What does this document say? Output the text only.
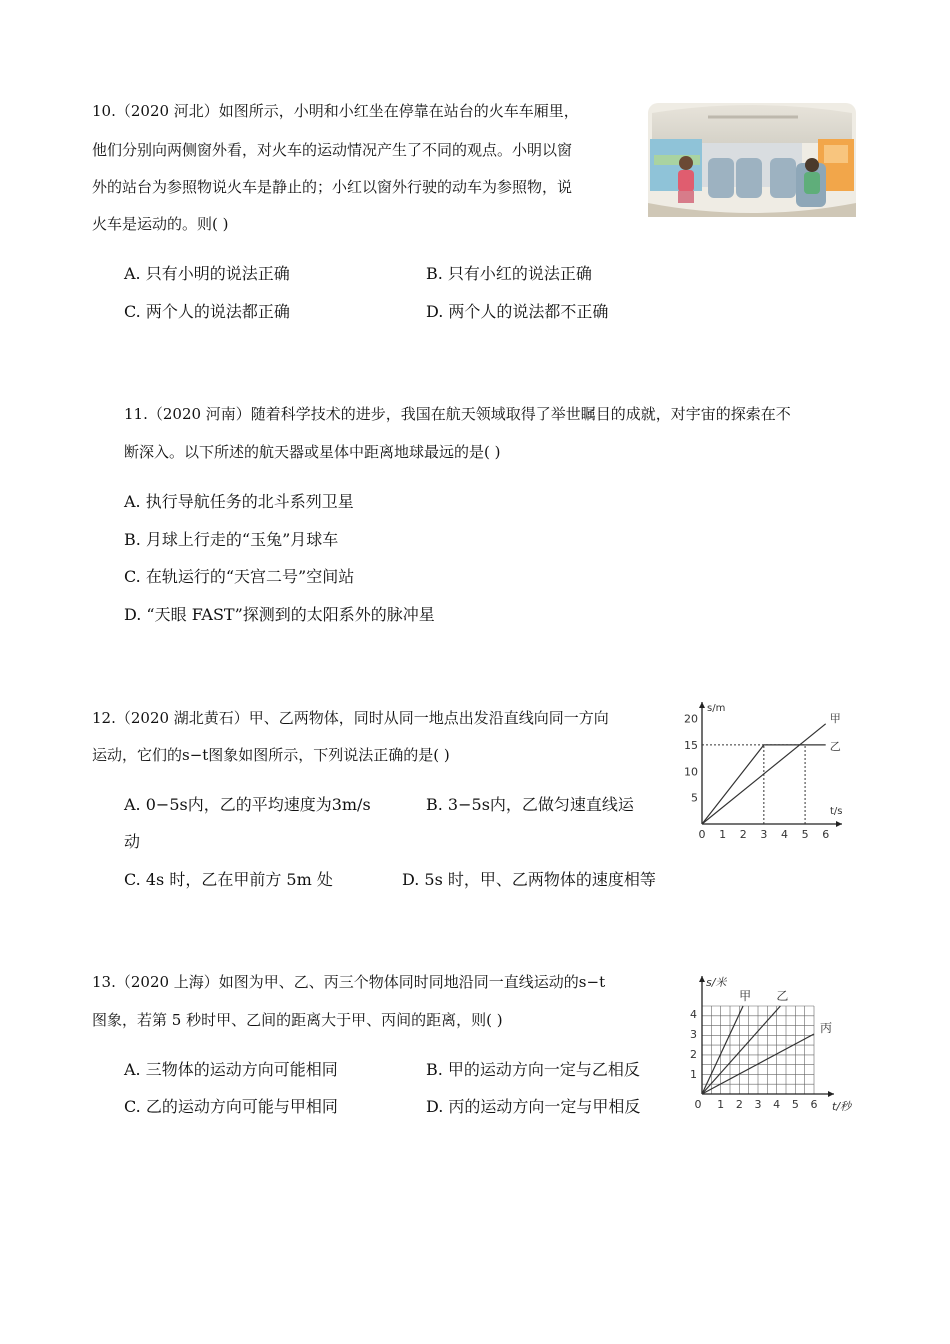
10.（2020 河北）如图所示，小明和小红坐在停靠在站台的火车车厢里，
他们分别向两侧窗外看，对火车的运动情况产生了不同的观点。小明以窗
外的站台为参照物说火车是静止的；小红以窗外行驶的动车为参照物，说
火车是运动的。则( )
A. 只有小明的说法正确	B. 只有小红的说法正确
C. 两个人的说法都正确	D. 两个人的说法都不正确
11.（2020 河南）随着科学技术的进步，我国在航天领域取得了举世瞩目的成就，对宇宙的探索在不
断深入。以下所述的航天器或星体中距离地球最远的是( )
A. 执行导航任务的北斗系列卫星
B. 月球上行走的“玉兔”月球车
C. 在轨运行的“天宫二号”空间站
D. “天眼 FAST”探测到的太阳系外的脉冲星
12.（2020 湖北黄石）甲、乙两物体，同时从同一地点出发沿直线向同一方向
运动，它们的s−t图象如图所示，下列说法正确的是( )
A. 0−5s内，乙的平均速度为3m/s	B. 3−5s内，乙做匀速直线运
动
C. 4s 时，乙在甲前方 5m 处	D. 5s 时，甲、乙两物体的速度相等
0 1 2 3 4 5 6
5
10
15
20
s/m
t/s
甲
乙
13.（2020 上海）如图为甲、乙、丙三个物体同时同地沿同一直线运动的s−t
图象，若第 5 秒时甲、乙间的距离大于甲、丙间的距离，则( )
A. 三物体的运动方向可能相同	B. 甲的运动方向一定与乙相反
C. 乙的运动方向可能与甲相同	D. 丙的运动方向一定与甲相反	0 1 2 3 4 5 6
1
2
3
4
s/米
t/秒
甲 乙
丙
